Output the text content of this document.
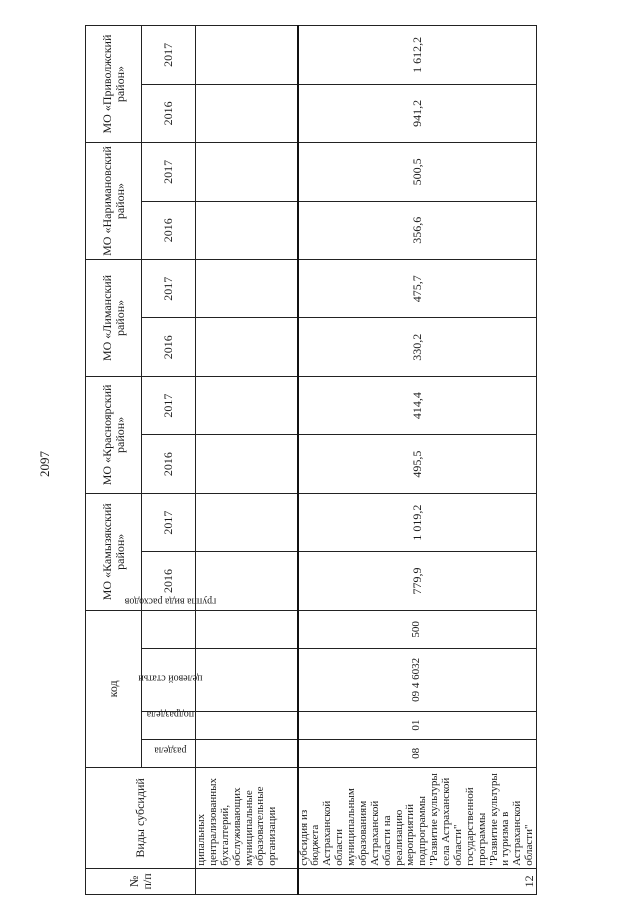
2097
№ п/п	Виды субсидий	код				МО «Камызякский район»		МО «Красноярский район»		МО «Лиманский район»		МО «Наримановский район»		МО «Приволжский район»	
		раздела	подраздела	целевой статьи	группа вида расходов	2016	2017	2016	2017	2016	2017	2016	2017	2016	2017

	ципальных централизованных бухгалтерий, обслуживающих муниципальные образовательные организации														
12	субсидия из бюджета Астраханской области муниципальным образованиям Астраханской области на реализацию мероприятий подпрограммы "Развитие культуры села Астраханской области" государственной программы "Развитие культуры и туризма в Астраханской области"	08	01	09 4 6032	500	779,9	1 019,2	495,5	414,4	330,2	475,7	356,6	500,5	941,2	1 612,2
